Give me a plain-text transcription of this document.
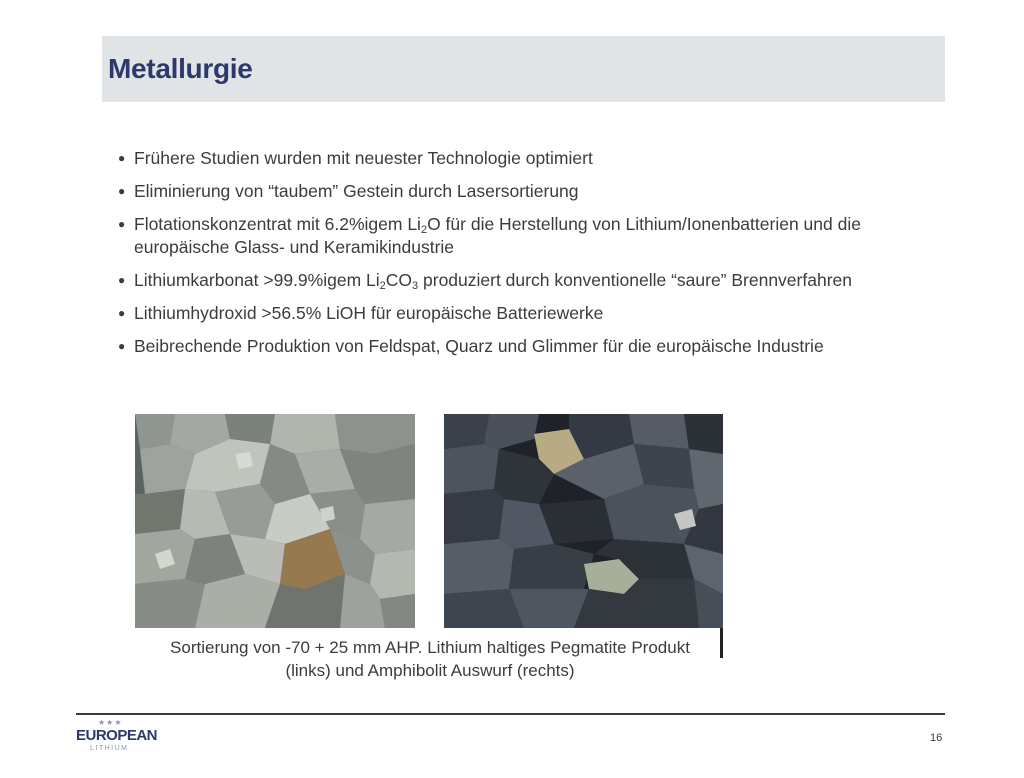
Metallurgie
● Frühere Studien wurden mit neuester Technologie optimiert
● Eliminierung von “taubem” Gestein durch Lasersortierung
● Flotationskonzentrat mit 6.2%igem $Li_2O$ für die Herstellung von Lithium/Ionenbatterien und die europäische Glass- und Keramikindustrie
● Lithiumkarbonat >99.9%igem $Li_2CO_3$ produziert durch konventionelle “saure” Brennverfahren
● Lithiumhydroxid >56.5% LiOH für europäische Batteriewerke
● Beibrechende Produktion von Feldspat, Quarz und Glimmer für die europäische Industrie

Sortierung von -70 + 25 mm AHP. Lithium haltiges Pegmatite Produkt
(links) und Amphibolit Auswurf (rechts)

★★★
EUROPEAN
LITHIUM
16
